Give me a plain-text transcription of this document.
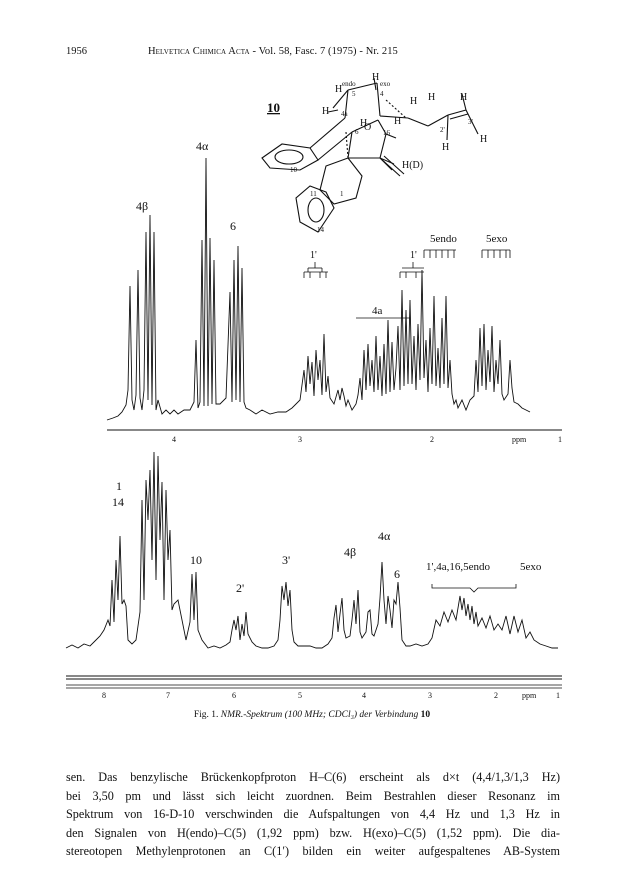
1956	Helvetica Chimica Acta - Vol. 58, Fasc. 7 (1975) - Nr. 215
10
H endo
H
exo
H 4a
H	H
H H H
16
H(D)
O
10
11
14
2'
3'
H
H
6
5	4
1
4β
4α
6
1'	1'
5endo	5exo
4a
4	3	2	ppm	1
1
14
10
2'
3'
4β
4α
6 1',4a,16,5endo	5exo
8	7	6	5	4	3	2	ppm 1
Fig. 1. NMR.-Spektrum (100 MHz; CDCl₃) der Verbindung 10
sen. Das benzylische Brückenkopfproton H–C(6) erscheint als d×t (4,4/1,3/1,3 Hz)
bei 3,50 pm und lässt sich leicht zuordnen. Beim Bestrahlen dieser Resonanz im
Spektrum von 16-D-10 verschwinden die Aufspaltungen von 4,4 Hz und 1,3 Hz in
den Signalen von H(endo)–C(5) (1,92 ppm) bzw. H(exo)–C(5) (1,52 ppm). Die dia-
stereotopen Methylenprotonen an C(1′) bilden ein weiter aufgespaltenes AB-System
